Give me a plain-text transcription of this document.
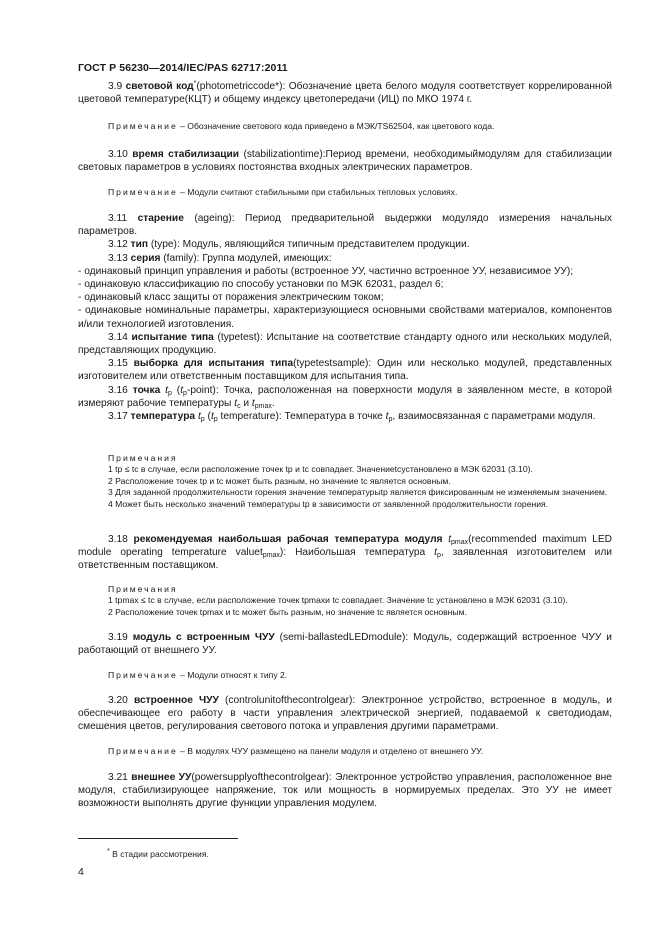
ГОСТ Р 56230—2014/IEC/PAS 62717:2011

3.9 световой код*(photometriccode*): Обозначение цвета белого модуля соответствует коррелированной цветовой температуре(КЦТ) и общему индексу цветопередачи (ИЦ) по МКО 1974 г.

Примечание – Обозначение светового кода приведено в МЭК/TS62504, как цветового кода.

3.10 время стабилизации (stabilizationtime):Период времени, необходимыймодулям для стабилизации световых параметров в условиях постоянства входных электрических параметров.

Примечание – Модули считают стабильными при стабильных тепловых условиях.

3.11 старение (ageing): Период предварительной выдержки модулядо измерения начальных параметров.
3.12 тип (type): Модуль, являющийся типичным представителем продукции.
3.13 серия (family): Группа модулей, имеющих:
- одинаковый принцип управления и работы (встроенное УУ, частично встроенное УУ, независимое УУ);
- одинаковую классификацию по способу установки по МЭК 62031, раздел 6;
- одинаковый класс защиты от поражения электрическим током;
- одинаковые номинальные параметры, характеризующиеся основными свойствами материалов, компонентов и/или технологией изготовления.
3.14 испытание типа (typetest): Испытание на соответствие стандарту одного или нескольких модулей, представляющих продукцию.
3.15 выборка для испытания типа(typetestsample): Один или несколько модулей, представленных изготовителем или ответственным поставщиком для испытания типа.
3.16 точка $t_p$ $(t_p-point)$: Точка, расположенная на поверхности модуля в заявленном месте, в которой измеряют рабочие температуры $t_c$ и $t_{pmax}$.
3.17 температура $t_p$ ($t_p$ temperature): Температура в точке $t_p$, взаимосвязанная с параметрами модуля.
Примечания
1 tp ≤ tc в случае, если расположение точек tp и tc совпадает. Значениеtcустановлено в МЭК 62031 (3.10).
2 Расположение точек tp и tc может быть разным, но значение tc является основным.
3 Для заданной продолжительности горения значение температурыtp является фиксированным не изменяемым значением.
4 Может быть несколько значений температуры tp в зависимости от заявленной продолжительности горения.

3.18 рекомендуемая наибольшая рабочая температура модуля $t_{pmax}(recommended$ maximum LED module operating temperature valuet$_{pmax}$): Наибольшая температура $t_p$, заявленная изготовителем или ответственным поставщиком.

Примечания
1 tpmax ≤ tc в случае, если расположение точек tpmaxи tc совпадает. Значение tc установлено в МЭК 62031 (3.10).
2 Расположение точек tpmax и tc может быть разным, но значение tc является основным.

3.19 модуль с встроенным ЧУУ (semi-ballastedLEDmodule): Модуль, содержащий встроенное ЧУУ и работающий от внешнего УУ.

Примечание – Модули относят к типу 2.

3.20 встроенное ЧУУ (controlunitofthecontrolgear): Электронное устройство, встроенное в модуль, и обеспечивающее его работу в части управления электрической энергией, подаваемой к светодиодам, смешения цветов, регулирования светового потока и управления другими параметрами.

Примечание – В модулях ЧУУ размещено на панели модуля и отделено от внешнего УУ.

3.21 внешнее УУ(powersupplyofthecontrolgear): Электронное устройство управления, расположенное вне модуля, стабилизирующее напряжение, ток или мощность в нормируемых пределах. Это УУ не имеет возможности выполнять другие функции управления модулем.

* В стадии рассмотрения.
4
